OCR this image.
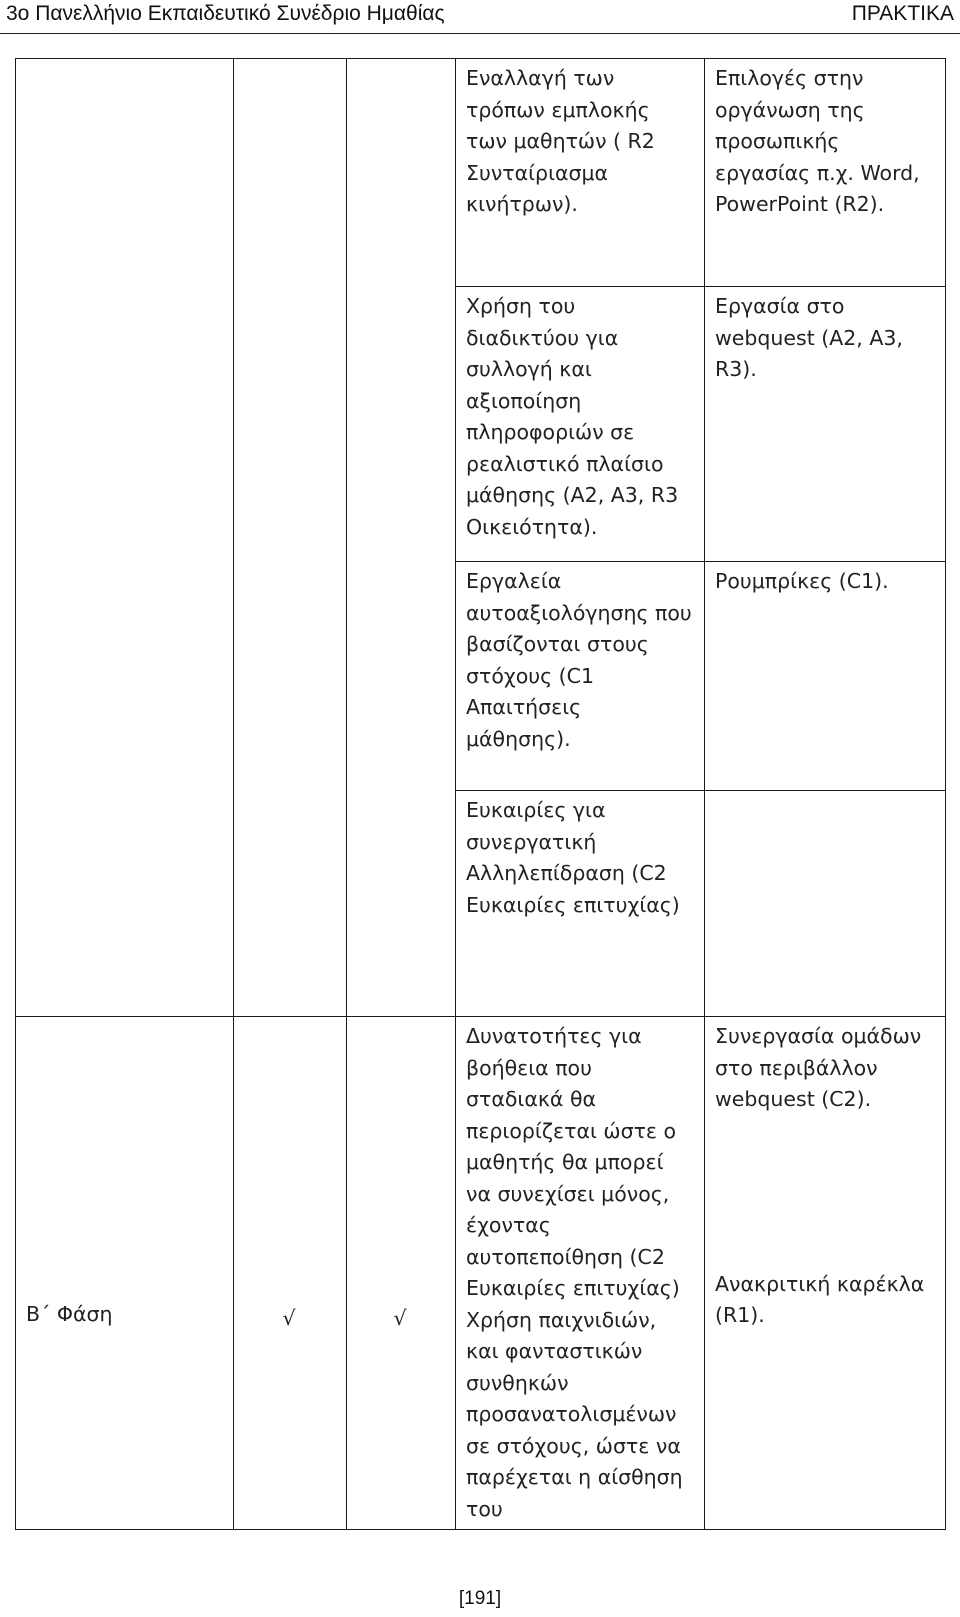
3ο Πανελλήνιο Εκπαιδευτικό Συνέδριο Ημαθίας	ΠΡΑΚΤΙΚΑ
			Εναλλαγή των τρόπων εμπλοκής των μαθητών ( R2 Συνταίριασμα κινήτρων).	Επιλογές στην οργάνωση της προσωπικής εργασίας π.χ. Word, PowerPoint (R2).
			Χρήση του διαδικτύου για συλλογή και αξιοποίηση πληροφοριών σε ρεαλιστικό πλαίσιο μάθησης (A2, A3, R3 Οικειότητα).	Εργασία στο webquest (A2, A3, R3).
			Εργαλεία αυτοαξιολόγησης που βασίζονται στους στόχους (C1 Απαιτήσεις μάθησης).	Ρουμπρίκες (C1).
			Ευκαιρίες για συνεργατική Αλληλεπίδραση (C2 Ευκαιρίες επιτυχίας)	
Β΄ Φάση	√	√	Δυνατοτήτες για βοήθεια που σταδιακά θα περιορίζεται ώστε ο μαθητής θα μπορεί να συνεχίσει μόνος, έχοντας αυτοπεποίθηση (C2 Ευκαιρίες επιτυχίας) Χρήση παιχνιδιών, και φανταστικών συνθηκών προσανατολισμένων σε στόχους, ώστε να παρέχεται η αίσθηση του	Συνεργασία ομάδων στο περιβάλλον webquest (C2).
Ανακριτική καρέκλα (R1).
[191]
